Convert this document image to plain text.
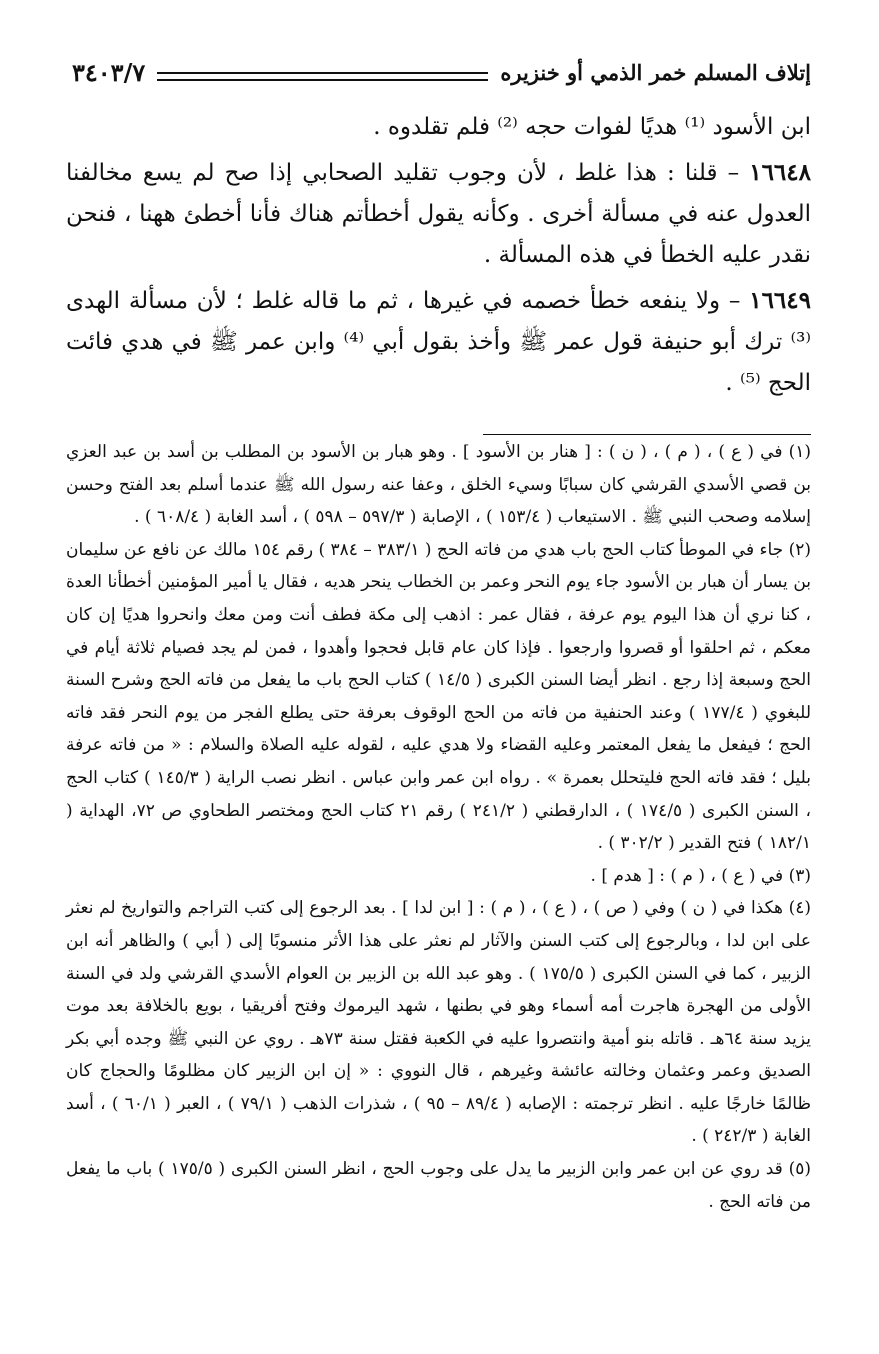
إتلاف المسلم خمر الذمي أو خنزيره
٣٤٠٣/٧

ابن الأسود ⁽¹⁾ هديًا لفوات حجه ⁽²⁾ فلم تقلدوه .

١٦٦٤٨ – قلنا : هذا غلط ، لأن وجوب تقليد الصحابي إذا صح لم يسع مخالفنا العدول عنه في مسألة أخرى . وكأنه يقول أخطأتم هناك فأنا أخطئ ههنا ، فنحن نقدر عليه الخطأ في هذه المسألة .

١٦٦٤٩ – ولا ينفعه خطأ خصمه في غيرها ، ثم ما قاله غلط ؛ لأن مسألة الهدى ⁽³⁾ ترك أبو حنيفة قول عمر ﷺ وأخذ بقول أبي ⁽⁴⁾ وابن عمر ﷺ في هدي فائت الحج ⁽⁵⁾ .

(١) في ( ع ) ، ( م ) ، ( ن ) : [ هنار بن الأسود ] . وهو هبار بن الأسود بن المطلب بن أسد بن عبد العزي بن قصي الأسدي القرشي كان سبابًا وسيء الخلق ، وعفا عنه رسول الله ﷺ عندما أسلم بعد الفتح وحسن إسلامه وصحب النبي ﷺ . الاستيعاب ( ١٥٣/٤ ) ، الإصابة ( ٥٩٧/٣ – ٥٩٨ ) ، أسد الغابة ( ٦٠٨/٤ ) .

(٢) جاء في الموطأ كتاب الحج باب هدي من فاته الحج ( ٣٨٣/١ – ٣٨٤ ) رقم ١٥٤ مالك عن نافع عن سليمان بن يسار أن هبار بن الأسود جاء يوم النحر وعمر بن الخطاب ينحر هديه ، فقال يا أمير المؤمنين أخطأنا العدة ، كنا نري أن هذا اليوم يوم عرفة ، فقال عمر : اذهب إلى مكة فطف أنت ومن معك وانحروا هديًا إن كان معكم ، ثم احلقوا أو قصروا وارجعوا . فإذا كان عام قابل فحجوا وأهدوا ، فمن لم يجد فصيام ثلاثة أيام في الحج وسبعة إذا رجع . انظر أيضا السنن الكبرى ( ١٤/٥ ) كتاب الحج باب ما يفعل من فاته الحج وشرح السنة للبغوي ( ١٧٧/٤ ) وعند الحنفية من فاته من الحج الوقوف بعرفة حتى يطلع الفجر من يوم النحر فقد فاته الحج ؛ فيفعل ما يفعل المعتمر وعليه القضاء ولا هدي عليه ، لقوله عليه الصلاة والسلام : « من فاته عرفة بليل ؛ فقد فاته الحج فليتحلل بعمرة » . رواه ابن عمر وابن عباس . انظر نصب الراية ( ١٤٥/٣ ) كتاب الحج ، السنن الكبرى ( ١٧٤/٥ ) ، الدارقطني ( ٢٤١/٢ ) رقم ٢١ كتاب الحج ومختصر الطحاوي ص ٧٢، الهداية ( ١٨٢/١ ) فتح القدير ( ٣٠٢/٢ ) .

(٣) في ( ع ) ، ( م ) : [ هدم ] .

(٤) هكذا في ( ن ) وفي ( ص ) ، ( ع ) ، ( م ) : [ ابن لدا ] . بعد الرجوع إلى كتب التراجم والتواريخ لم نعثر على ابن لدا ، وبالرجوع إلى كتب السنن والآثار لم نعثر على هذا الأثر منسوبًا إلى ( أبي ) والظاهر أنه ابن الزبير ، كما في السنن الكبرى ( ١٧٥/٥ ) . وهو عبد الله بن الزبير بن العوام الأسدي القرشي ولد في السنة الأولى من الهجرة هاجرت أمه أسماء وهو في بطنها ، شهد اليرموك وفتح أفريقيا ، بويع بالخلافة بعد موت يزيد سنة ٦٤هـ . قاتله بنو أمية وانتصروا عليه في الكعبة فقتل سنة ٧٣هـ . روي عن النبي ﷺ وجده أبي بكر الصديق وعمر وعثمان وخالته عائشة وغيرهم ، قال النووي : « إن ابن الزبير كان مظلومًا والحجاج كان ظالمًا خارجًا عليه . انظر ترجمته : الإصابه ( ٨٩/٤ – ٩٥ ) ، شذرات الذهب ( ٧٩/١ ) ، العبر ( ٦٠/١ ) ، أسد الغابة ( ٢٤٢/٣ ) .

(٥) قد روي عن ابن عمر وابن الزبير ما يدل على وجوب الحج ، انظر السنن الكبرى ( ١٧٥/٥ ) باب ما يفعل من فاته الحج .
